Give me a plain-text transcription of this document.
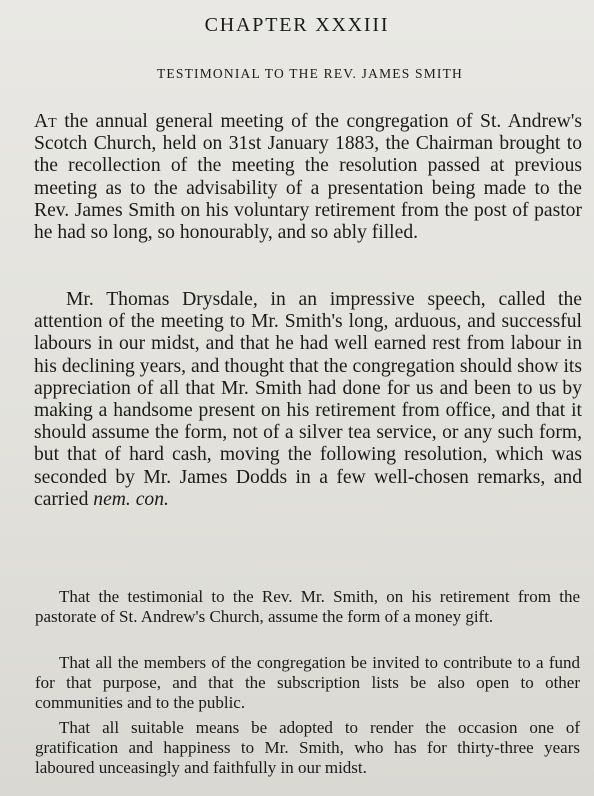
CHAPTER XXXIII
TESTIMONIAL TO THE REV. JAMES SMITH

At the annual general meeting of the congregation of St. Andrew's Scotch Church, held on 31st January 1883, the Chairman brought to the recollection of the meeting the resolution passed at previous meeting as to the advisability of a presentation being made to the Rev. James Smith on his voluntary retirement from the post of pastor he had so long, so honourably, and so ably filled.

Mr. Thomas Drysdale, in an impressive speech, called the attention of the meeting to Mr. Smith's long, arduous, and successful labours in our midst, and that he had well earned rest from labour in his declining years, and thought that the congregation should show its appreciation of all that Mr. Smith had done for us and been to us by making a handsome present on his retirement from office, and that it should assume the form, not of a silver tea service, or any such form, but that of hard cash, moving the following resolution, which was seconded by Mr. James Dodds in a few well-chosen remarks, and carried nem. con.

That the testimonial to the Rev. Mr. Smith, on his retirement from the pastorate of St. Andrew's Church, assume the form of a money gift.

That all the members of the congregation be invited to contribute to a fund for that purpose, and that the subscription lists be also open to other communities and to the public.

That all suitable means be adopted to render the occasion one of gratification and happiness to Mr. Smith, who has for thirty-three years laboured unceasingly and faithfully in our midst.
